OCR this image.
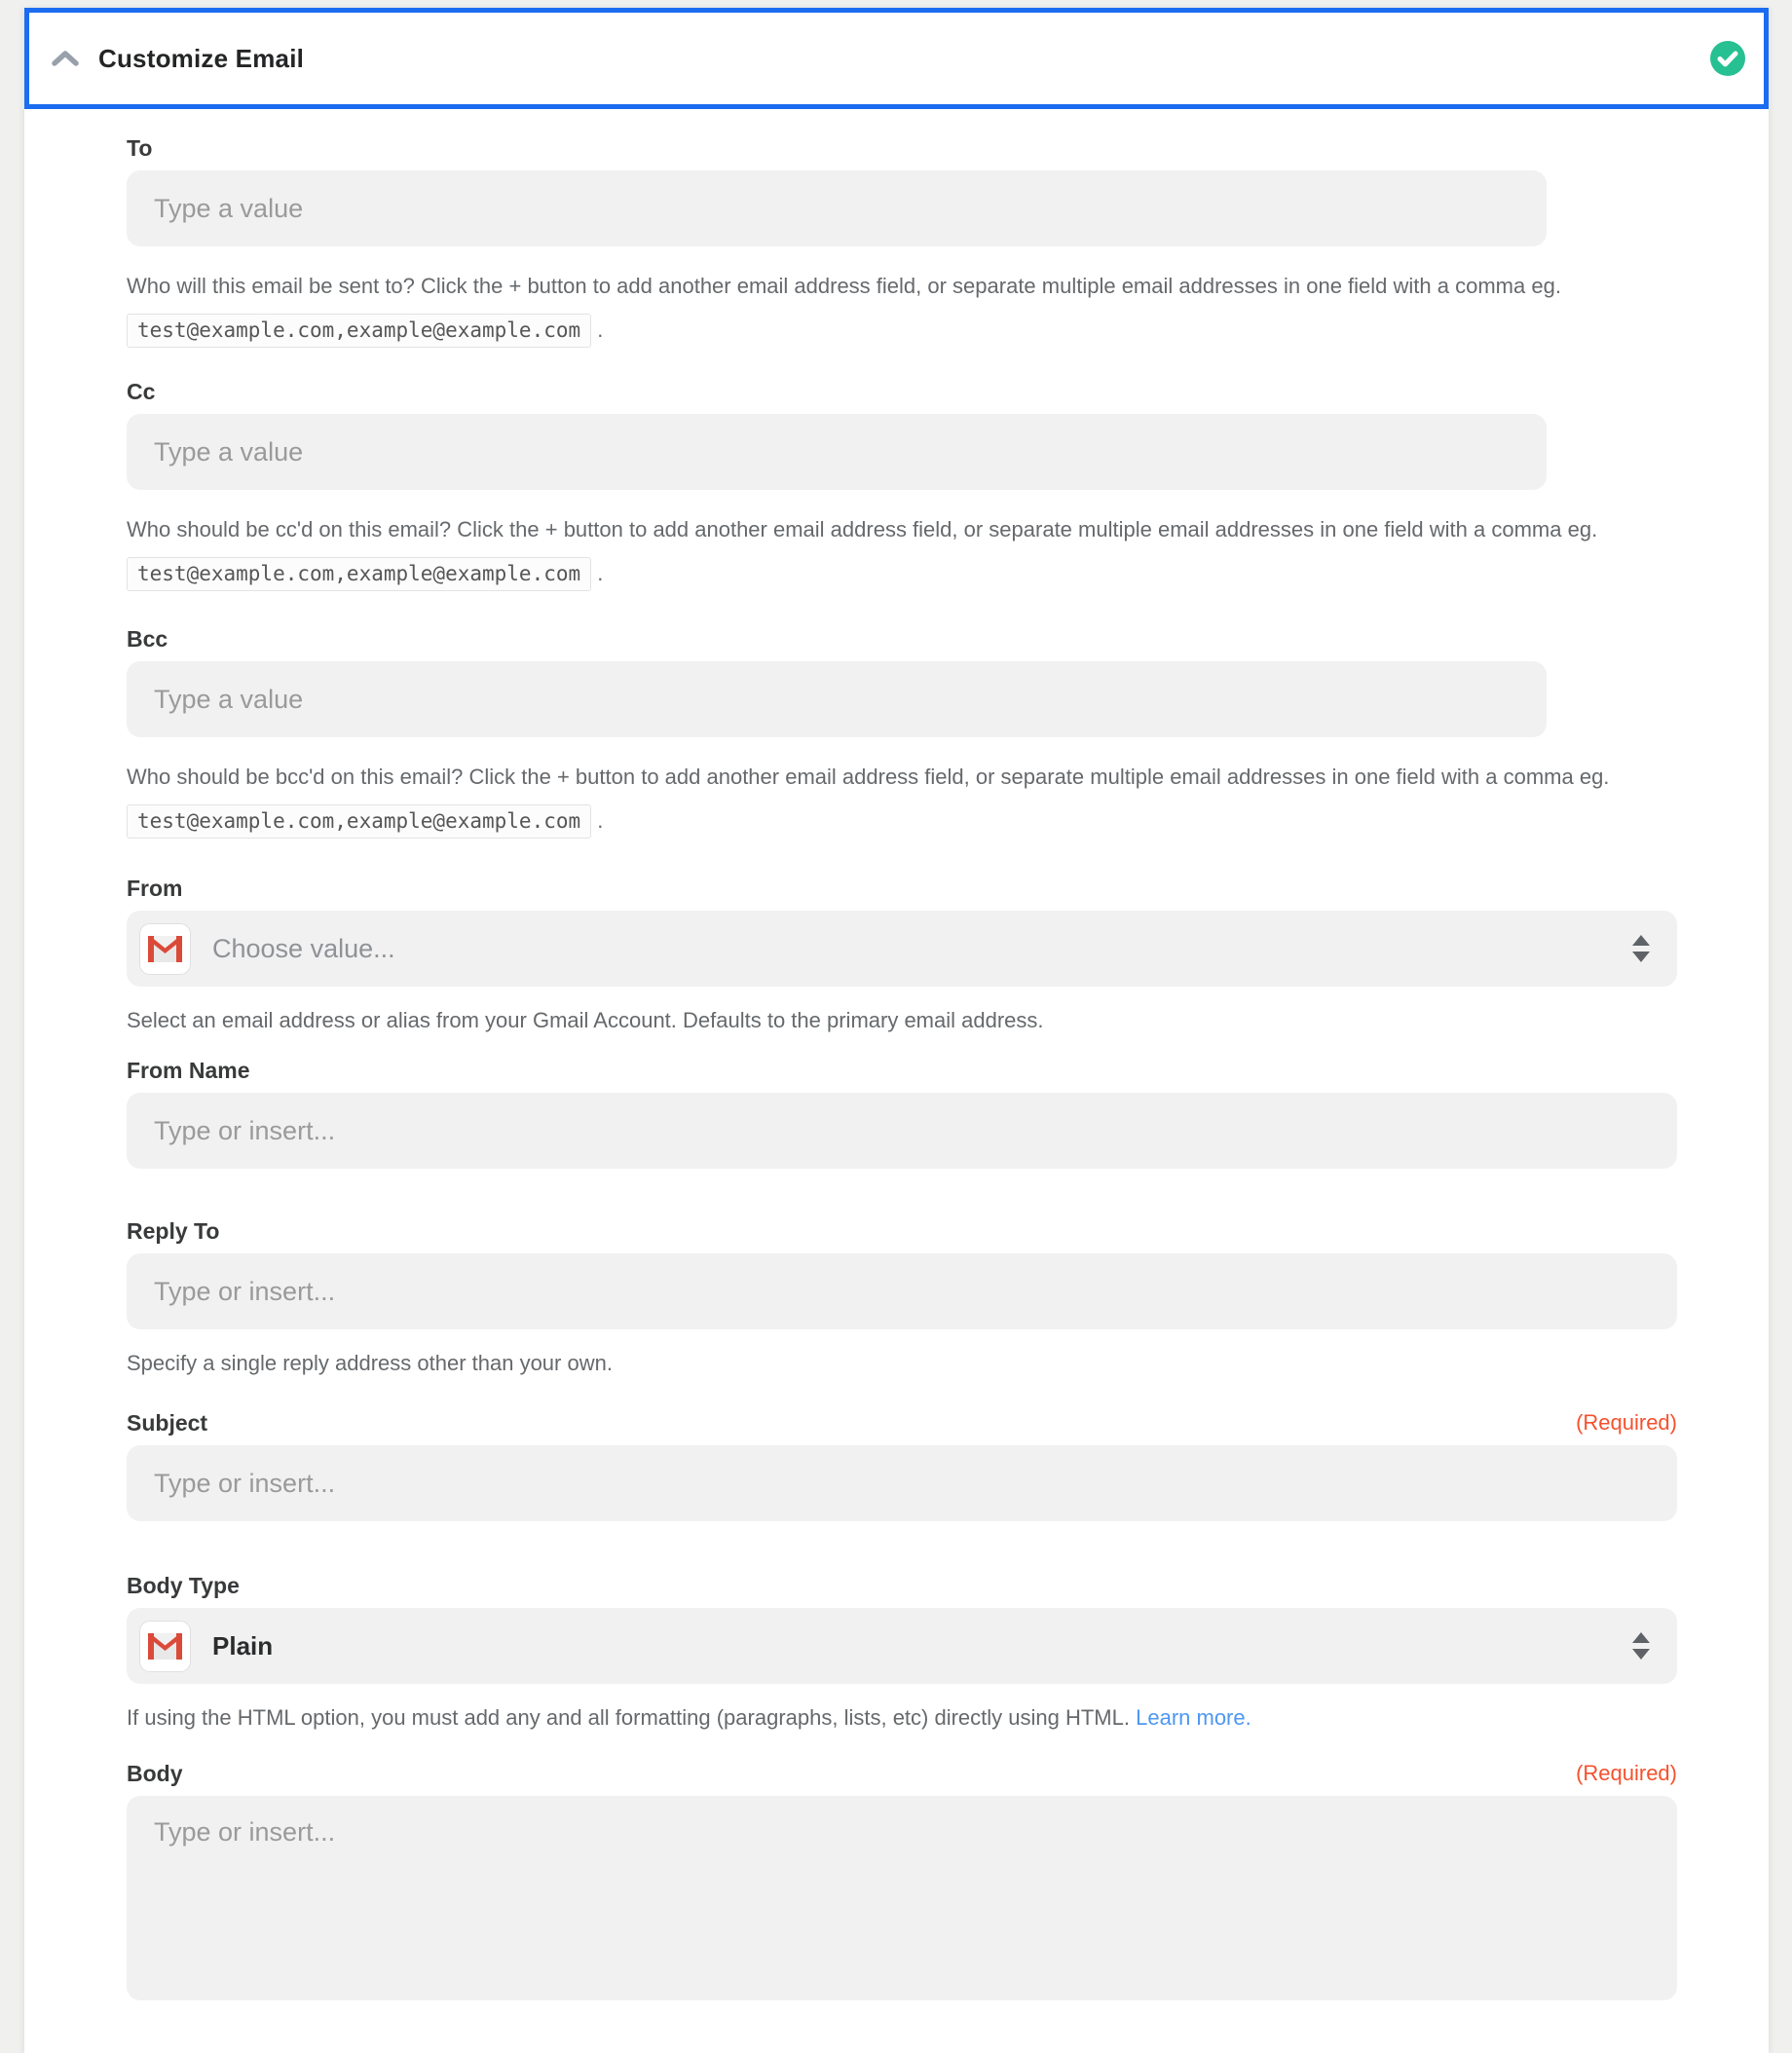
Customize Email
To
Type a value

Who will this email be sent to? Click the + button to add another email address field, or separate multiple email addresses in one field with a comma eg. test@example.com,example@example.com .

Cc
Type a value

Who should be cc'd on this email? Click the + button to add another email address field, or separate multiple email addresses in one field with a comma eg. test@example.com,example@example.com .

Bcc
Type a value

Who should be bcc'd on this email? Click the + button to add another email address field, or separate multiple email addresses in one field with a comma eg. test@example.com,example@example.com .

From
Choose value...

Select an email address or alias from your Gmail Account. Defaults to the primary email address.

From Name
Type or insert...
Reply To
Type or insert...

Specify a single reply address other than your own.

Subject	(Required)
Type or insert...
Body Type
Plain

If using the HTML option, you must add any and all formatting (paragraphs, lists, etc) directly using HTML. Learn more.

Body	(Required)
Type or insert...
